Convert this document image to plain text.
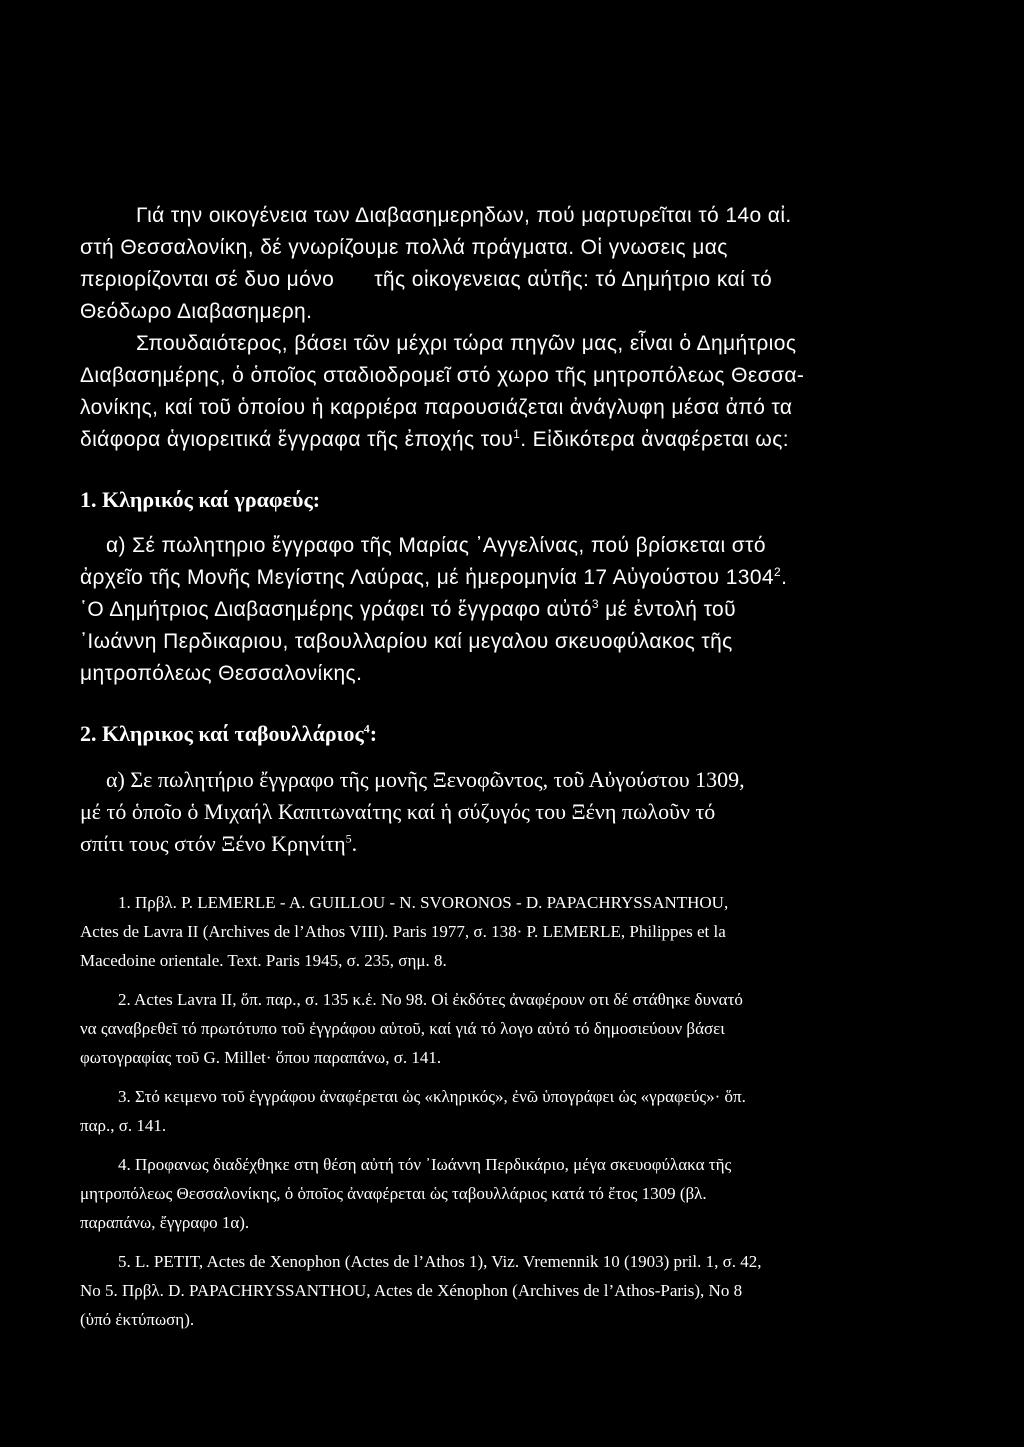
Γιά την οικογένεια των Διαβασημερηδων, πού μαρτυρεῖται τό 14ο αἰ.
στή Θεσσαλονίκη, δέ γνωρίζουμε πολλά πράγματα. Οἱ γνωσεις μας
περιορίζονται σέ δυο μόνο τῆς οἰκογενειας αὐτῆς: τό Δημήτριο καί τό
Θεόδωρο Διαβασημερη.
Σπουδαιότερος, βάσει τῶν μέχρι τώρα πηγῶν μας, εἶναι ὁ Δημήτριος
Διαβασημέρης, ὁ ὁποῖος σταδιοδρομεῖ στό χωρο τῆς μητροπόλεως Θεσσα-
λονίκης, καί τοῦ ὁποίου ἡ καρριέρα παρουσιάζεται ἀνάγλυφη μέσα ἀπό τα
διάφορα ἁγιορειτικά ἔγγραφα τῆς ἐποχής του$^1$. Εἰδικότερα ἀναφέρεται ως:
1. Κληρικός καί γραφεύς:
α) Σέ πωλητηριο ἔγγραφο τῆς Μαρίας ᾽Αγγελίνας, πού βρίσκεται στό
ἀρχεῖο τῆς Μονῆς Μεγίστης Λαύρας, μέ ἡμερομηνία 17 Αὐγούστου 1304$^2$.
῾Ο Δημήτριος Διαβασημέρης γράφει τό ἔγγραφο αὐτό$^3$ μέ ἐντολή τοῦ
᾽Ιωάννη Περδικαριου, ταβουλλαρίου καί μεγαλου σκευοφύλακος τῆς
μητροπόλεως Θεσσαλονίκης.
2. Κληρικος καί ταβουλλάριος$^4$:
α) Σε πωλητήριο ἔγγραφο τῆς μονῆς Ξενοφῶντος, τοῦ Αὐγούστου 1309,
μέ τό ὁποῖο ὁ Μιχαήλ Καπιτωναίτης καί ἡ σύζυγός του Ξένη πωλοῦν τό
σπίτι τους στόν Ξένο Κρηνίτη$^5$.
1. Πρβλ. P. LEMERLE - A. GUILLOU - N. SVORONOS - D. PAPACHRYSSANTHOU,
Actes de Lavra II (Archives de l’Athos VIII). Paris 1977, σ. 138· P. LEMERLE, Philippes et la
Macedoine orientale. Text. Paris 1945, σ. 235, σημ. 8.
2. Actes Lavra II, ὅπ. παρ., σ. 135 κ.ἑ. No 98. Οἱ ἐκδότες ἀναφέρουν οτι δέ στάθηκε δυνατό
να ςαναβρεθεῖ τό πρωτότυπο τοῦ ἐγγράφου αὐτοῦ, καί γιά τό λογο αὐτό τό δημοσιεύουν βάσει
φωτογραφίας τοῦ G. Millet· ὅπου παραπάνω, σ. 141.
3. Στό κειμενο τοῦ ἐγγράφου ἀναφέρεται ὡς «κληρικός», ἐνῶ ὑπογράφει ὡς «γραφεύς»· ὅπ.
παρ., σ. 141.
4. Προφανως διαδέχθηκε στη θέση αὐτή τόν ᾽Ιωάννη Περδικάριο, μέγα σκευοφύλακα τῆς
μητροπόλεως Θεσσαλονίκης, ὁ ὁποῖος ἀναφέρεται ὡς ταβουλλάριος κατά τό ἔτος 1309 (βλ.
παραπάνω, ἔγγραφο 1α).
5. L. PETIT, Actes de Xenophon (Actes de l’Athos 1), Viz. Vremennik 10 (1903) pril. 1, σ. 42,
No 5. Πρβλ. D. PAPACHRYSSANTHOU, Actes de Xénophon (Archives de l’Athos-Paris), No 8
(ὑπό ἐκτύπωση).
